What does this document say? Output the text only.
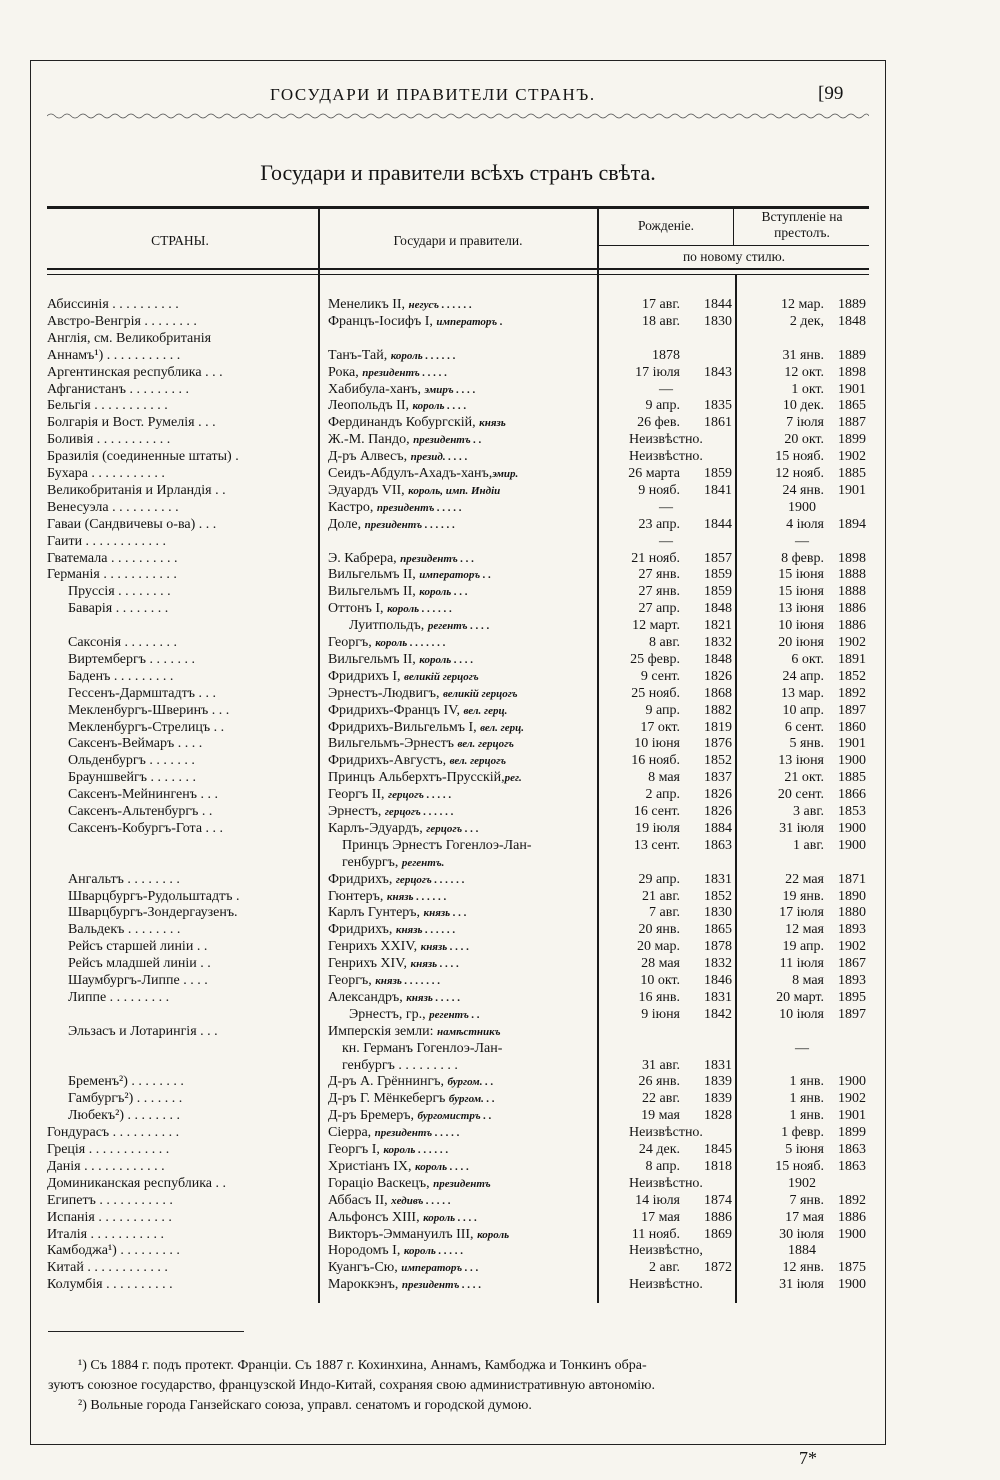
ГОСУДАРИ И ПРАВИТЕЛИ СТРАНЪ.	[99
Государи и правители всѣхъ странъ свѣта.
СТРАНЫ.	Государи и правители.
Рожденіе.
Вступленіе на престолъ.
по новому стилю.
Абиссинія . . . . . . . . . .	Менеликъ II, негусъ . . . . . .	17 авг.	1844	12 мар.	1889
Австро-Венгрія . . . . . . . .	Францъ-Іосифъ I, императоръ .	18 авг.	1830	2 дек,	1848
Англія, см. Великобританія
Аннамъ¹) . . . . . . . . . . .	Танъ-Тай, король . . . . . .	1878	31 янв.	1889
Аргентинская республика . . .	Рока, президентъ . . . . .	17 іюля	1843	12 окт.	1898
Афганистанъ . . . . . . . . .	Хабибула-ханъ, эмиръ . . . .	—	1 окт.	1901
Бельгія . . . . . . . . . . .	Леопольдъ II, король . . . .	9 апр.	1835	10 дек.	1865
Болгарія и Вост. Румелія . . .	Фердинандъ Кобургскій, князь	26 фев.	1861	7 іюля	1887
Боливія . . . . . . . . . . .	Ж.-М. Пандо, президентъ . .	Неизвѣстно.	20 окт.	1899
Бразилія (соединенные штаты) .	Д-ръ Алвесъ, презид. . . . .	Неизвѣстно.	15 нояб.	1902
Бухара . . . . . . . . . . .	Сеидъ-Абдулъ-Ахадъ-ханъ,эмир.	26 марта	1859	12 нояб.	1885
Великобританія и Ирландія . .	Эдуардъ VII, король, имп. Индіи	9 нояб.	1841	24 янв.	1901
Венесуэла . . . . . . . . . .	Кастро, президентъ . . . . .	—	1900
Гаваи (Сандвичевы о-ва) . . .	Доле, президентъ . . . . . .	23 апр.	1844	4 іюля	1894
Гаити . . . . . . . . . . . .	—	—
Гватемала . . . . . . . . . .	Э. Кабрера, президентъ . . .	21 нояб.	1857	8 февр.	1898
Германія . . . . . . . . . . .	Вильгельмъ II, императоръ . .	27 янв.	1859	15 іюня	1888
Пруссія . . . . . . . .	Вильгельмъ II, король . . .	27 янв.	1859	15 іюня	1888
Баварія . . . . . . . .	Оттонъ I, король . . . . . .	27 апр.	1848	13 іюня	1886
Луитпольдъ, регентъ . . . .	12 март.	1821	10 іюня	1886
Саксонія . . . . . . . .	Георгъ, король . . . . . . .	8 авг.	1832	20 іюня	1902
Виртембергъ . . . . . . .	Вильгельмъ II, король . . . .	25 февр.	1848	6 окт.	1891
Баденъ . . . . . . . . .	Фридрихъ I, великій герцогъ	9 сент.	1826	24 апр.	1852
Гессенъ-Дармштадтъ . . .	Эрнестъ-Людвигъ, великій герцогъ	25 нояб.	1868	13 мар.	1892
Мекленбургъ-Шверинъ . . .	Фридрихъ-Францъ IV, вел. герц.	9 апр.	1882	10 апр.	1897
Мекленбургъ-Стрелицъ . .	Фридрихъ-Вильгельмъ I, вел. герц.	17 окт.	1819	6 сент.	1860
Саксенъ-Веймаръ . . . .	Вильгельмъ-Эрнестъ вел. герцогъ	10 іюня	1876	5 янв.	1901
Ольденбургъ . . . . . . .	Фридрихъ-Августъ, вел. герцогъ	16 нояб.	1852	13 іюня	1900
Брауншвейгъ . . . . . . .	Принцъ Альберхтъ-Прусскій,рег.	8 мая	1837	21 окт.	1885
Саксенъ-Мейнингенъ . . .	Георгъ II, герцогъ . . . . .	2 апр.	1826	20 сент.	1866
Саксенъ-Альтенбургъ . .	Эрнестъ, герцогъ . . . . . .	16 сент.	1826	3 авг.	1853
Саксенъ-Кобургъ-Гота . . .	Карлъ-Эдуардъ, герцогъ . . .	19 іюля	1884	31 іюля	1900
Принцъ Эрнестъ Гогенлоэ-Лан-	13 сент.	1863	1 авг.	1900
генбургъ, регентъ.
Ангальтъ . . . . . . . .	Фридрихъ, герцогъ . . . . . .	29 апр.	1831	22 мая	1871
Шварцбургъ-Рудольштадтъ .	Гюнтеръ, князь . . . . . .	21 авг.	1852	19 янв.	1890
Шварцбургъ-Зондергаузенъ.	Карлъ Гунтеръ, князь . . .	7 авг.	1830	17 іюля	1880
Вальдекъ . . . . . . . .	Фридрихъ, князь . . . . . .	20 янв.	1865	12 мая	1893
Рейсъ старшей линіи . .	Генрихъ XXIV, князь . . . .	20 мар.	1878	19 апр.	1902
Рейсъ младшей линіи . .	Генрихъ XIV, князь . . . .	28 мая	1832	11 іюля	1867
Шаумбургъ-Липпе . . . .	Георгъ, князь . . . . . . .	10 окт.	1846	8 мая	1893
Липпе . . . . . . . . .	Александръ, князь . . . . .	16 янв.	1831	20 март.	1895
Эрнестъ, гр., регентъ . .	9 іюня	1842	10 іюля	1897
Эльзасъ и Лотарингія . . .	Имперскія земли: намѣстникъ
кн. Германъ Гогенлоэ-Лан-	—
генбургъ . . . . . . . . .	31 авг.	1831
Бременъ²) . . . . . . . .	Д-ръ А. Грённингъ, бургом. . .	26 янв.	1839	1 янв.	1900
Гамбургъ²) . . . . . . .	Д-ръ Г. Мёнкебергъ бургом. . .	22 авг.	1839	1 янв.	1902
Любекъ²) . . . . . . . .	Д-ръ Бремеръ, бургомистръ . .	19 мая	1828	1 янв.	1901
Гондурасъ . . . . . . . . . .	Сіерра, президентъ . . . . .	Неизвѣстно.	1 февр.	1899
Греція . . . . . . . . . . . .	Георгъ I, король . . . . . .	24 дек.	1845	5 іюня	1863
Данія . . . . . . . . . . . .	Христіанъ IX, король . . . .	8 апр.	1818	15 нояб.	1863
Доминиканская республика . .	Гораціо Васкецъ, президентъ	Неизвѣстно.	1902
Египетъ . . . . . . . . . . .	Аббасъ II, хедивъ . . . . .	14 іюля	1874	7 янв.	1892
Испанія . . . . . . . . . . .	Альфонсъ XIII, король . . . .	17 мая	1886	17 мая	1886
Италія . . . . . . . . . . .	Викторъ-Эммануилъ III, король	11 нояб.	1869	30 іюля	1900
Камбоджа¹) . . . . . . . . .	Нородомъ I, король . . . . .	Неизвѣстно,	1884
Китай . . . . . . . . . . . .	Куангъ-Сю, императоръ . . .	2 авг.	1872	12 янв.	1875
Колумбія . . . . . . . . . .	Мароккэнъ, президентъ . . . .	Неизвѣстно.	31 іюля	1900
¹) Съ 1884 г. подъ протект. Франціи. Съ 1887 г. Кохинхина, Аннамъ, Камбоджа и Тонкинъ обра-
зуютъ союзное государство, французской Индо-Китай, сохраняя свою административную автономію.
²) Вольные города Ганзейскаго союза, управл. сенатомъ и городской думою.
7*
